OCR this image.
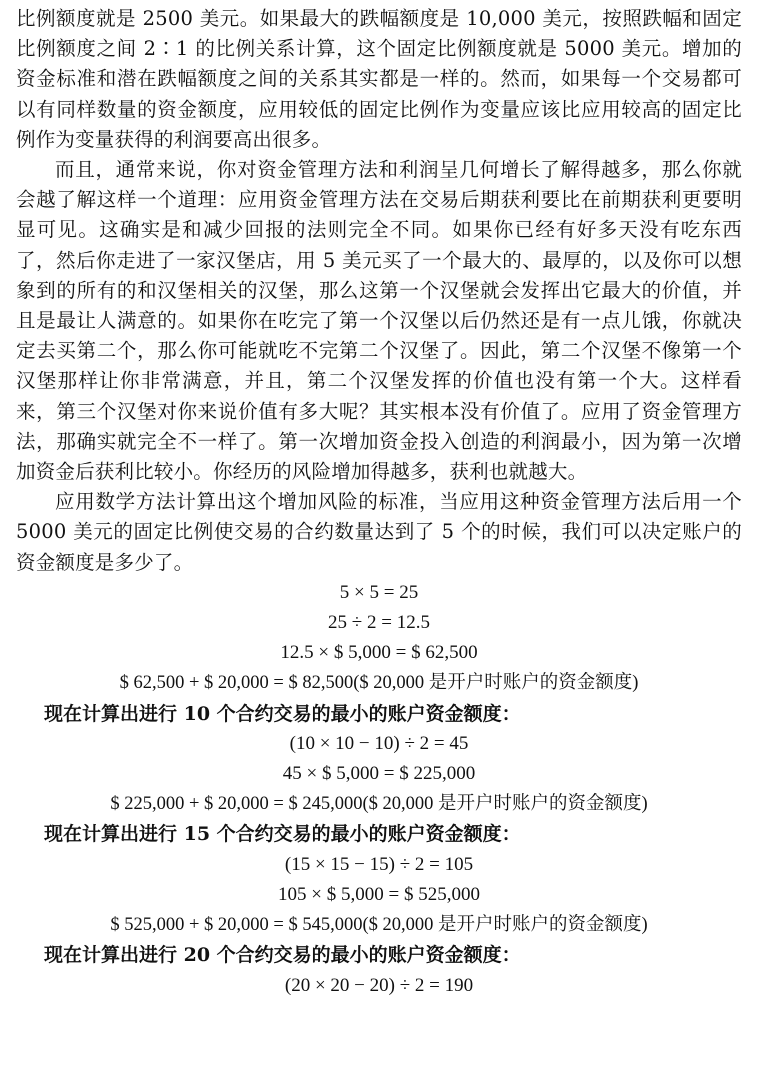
比例额度就是 2500 美元。如果最大的跌幅额度是 10,000 美元，按照跌幅和固定比例额度之间 2∶1 的比例关系计算，这个固定比例额度就是 5000 美元。增加的资金标准和潜在跌幅额度之间的关系其实都是一样的。然而，如果每一个交易都可以有同样数量的资金额度，应用较低的固定比例作为变量应该比应用较高的固定比例作为变量获得的利润要高出很多。

而且，通常来说，你对资金管理方法和利润呈几何增长了解得越多，那么你就会越了解这样一个道理：应用资金管理方法在交易后期获利要比在前期获利更要明显可见。这确实是和减少回报的法则完全不同。如果你已经有好多天没有吃东西了，然后你走进了一家汉堡店，用 5 美元买了一个最大的、最厚的，以及你可以想象到的所有的和汉堡相关的汉堡，那么这第一个汉堡就会发挥出它最大的价值，并且是最让人满意的。如果你在吃完了第一个汉堡以后仍然还是有一点儿饿，你就决定去买第二个，那么你可能就吃不完第二个汉堡了。因此，第二个汉堡不像第一个汉堡那样让你非常满意，并且，第二个汉堡发挥的价值也没有第一个大。这样看来，第三个汉堡对你来说价值有多大呢？其实根本没有价值了。应用了资金管理方法，那确实就完全不一样了。第一次增加资金投入创造的利润最小，因为第一次增加资金后获利比较小。你经历的风险增加得越多，获利也就越大。

应用数学方法计算出这个增加风险的标准，当应用这种资金管理方法后用一个 5000 美元的固定比例使交易的合约数量达到了 5 个的时候，我们可以决定账户的资金额度是多少了。

5 × 5 = 25

25 ÷ 2 = 12.5

12.5 × $ 5,000 = $ 62,500

$ 62,500 + $ 20,000 = $ 82,500($ 20,000 是开户时账户的资金额度)

现在计算出进行 10 个合约交易的最小的账户资金额度：

(10 × 10 − 10) ÷ 2 = 45

45 × $ 5,000 = $ 225,000

$ 225,000 + $ 20,000 = $ 245,000($ 20,000 是开户时账户的资金额度)

现在计算出进行 15 个合约交易的最小的账户资金额度：

(15 × 15 − 15) ÷ 2 = 105

105 × $ 5,000 = $ 525,000

$ 525,000 + $ 20,000 = $ 545,000($ 20,000 是开户时账户的资金额度)

现在计算出进行 20 个合约交易的最小的账户资金额度：

(20 × 20 − 20) ÷ 2 = 190
